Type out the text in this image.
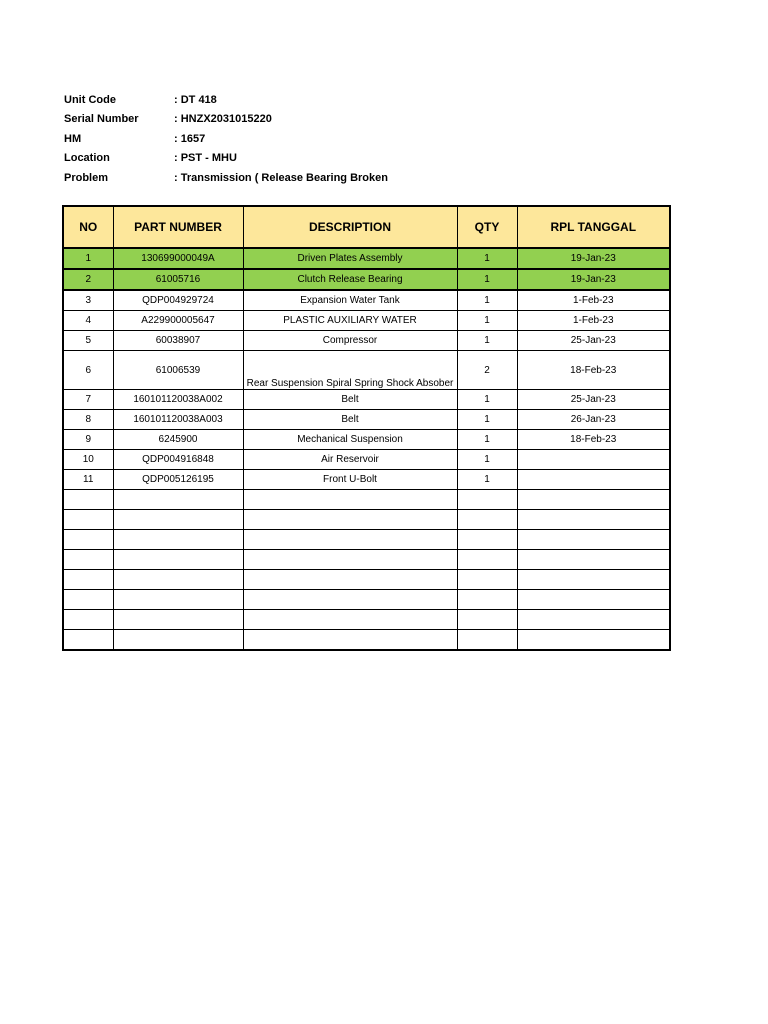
Unit Code	: DT 418
Serial Number	: HNZX2031015220
HM	: 1657
Location	: PST - MHU
Problem	: Transmission ( Release Bearing Broken
NO	PART NUMBER	DESCRIPTION	QTY	RPL TANGGAL
1	130699000049A	Driven Plates Assembly	1	19-Jan-23
2	61005716	Clutch Release Bearing	1	19-Jan-23
3	QDP004929724	Expansion Water Tank	1	1-Feb-23
4	A229900005647	PLASTIC AUXILIARY WATER	1	1-Feb-23
5	60038907	Compressor	1	25-Jan-23
6	61006539	Rear Suspension Spiral Spring Shock Absober	2	18-Feb-23
7	160101120038A002	Belt	1	25-Jan-23
8	160101120038A003	Belt	1	26-Jan-23
9	6245900	Mechanical Suspension	1	18-Feb-23
10	QDP004916848	Air Reservoir	1	
11	QDP005126195	Front U-Bolt	1	
